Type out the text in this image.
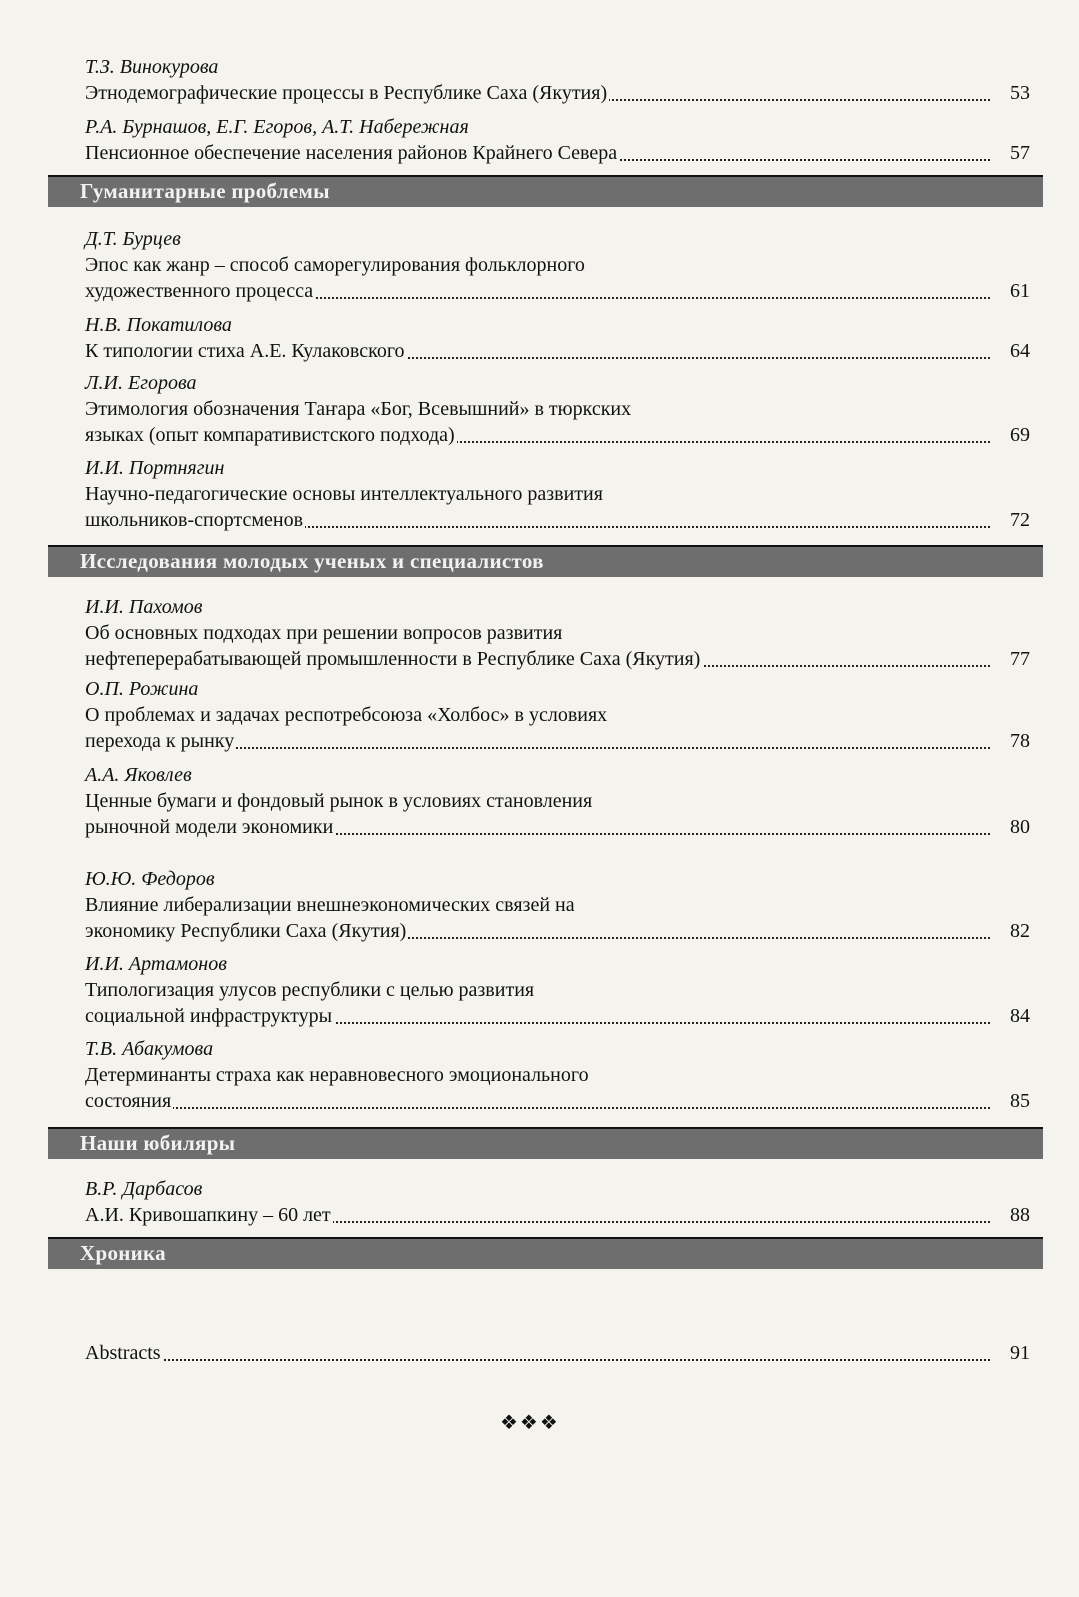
Т.З. Винокурова
Этнодемографические процессы в Республике Саха (Якутия)	53
Р.А. Бурнашов, Е.Г. Егоров, А.Т. Набережная
Пенсионное обеспечение населения районов Крайнего Севера	57
Гуманитарные проблемы
Д.Т. Бурцев
Эпос как жанр – способ саморегулирования фольклорного
художественного процесса	61
Н.В. Покатилова
К типологии стиха А.Е. Кулаковского	64
Л.И. Егорова
Этимология обозначения Таҥара «Бог, Всевышний» в тюркских
языках (опыт компаративистского подхода)	69
И.И. Портнягин
Научно-педагогические основы интеллектуального развития
школьников-спортсменов	72
Исследования молодых ученых и специалистов
И.И. Пахомов
Об основных подходах при решении вопросов развития
нефтеперерабатывающей промышленности в Республике Саха (Якутия)	77
О.П. Рожина
О проблемах и задачах респотребсоюза «Холбос» в условиях
перехода к рынку	78
А.А. Яковлев
Ценные бумаги и фондовый рынок в условиях становления
рыночной модели экономики	80
Ю.Ю. Федоров
Влияние либерализации внешнеэкономических связей на
экономику Республики Саха (Якутия)	82
И.И. Артамонов
Типологизация улусов республики с целью развития
социальной инфраструктуры	84
Т.В. Абакумова
Детерминанты страха как неравновесного эмоционального
состояния	85
Наши юбиляры
В.Р. Дарбасов
А.И. Кривошапкину – 60 лет	88
Хроника
Abstracts	91
❖❖❖
